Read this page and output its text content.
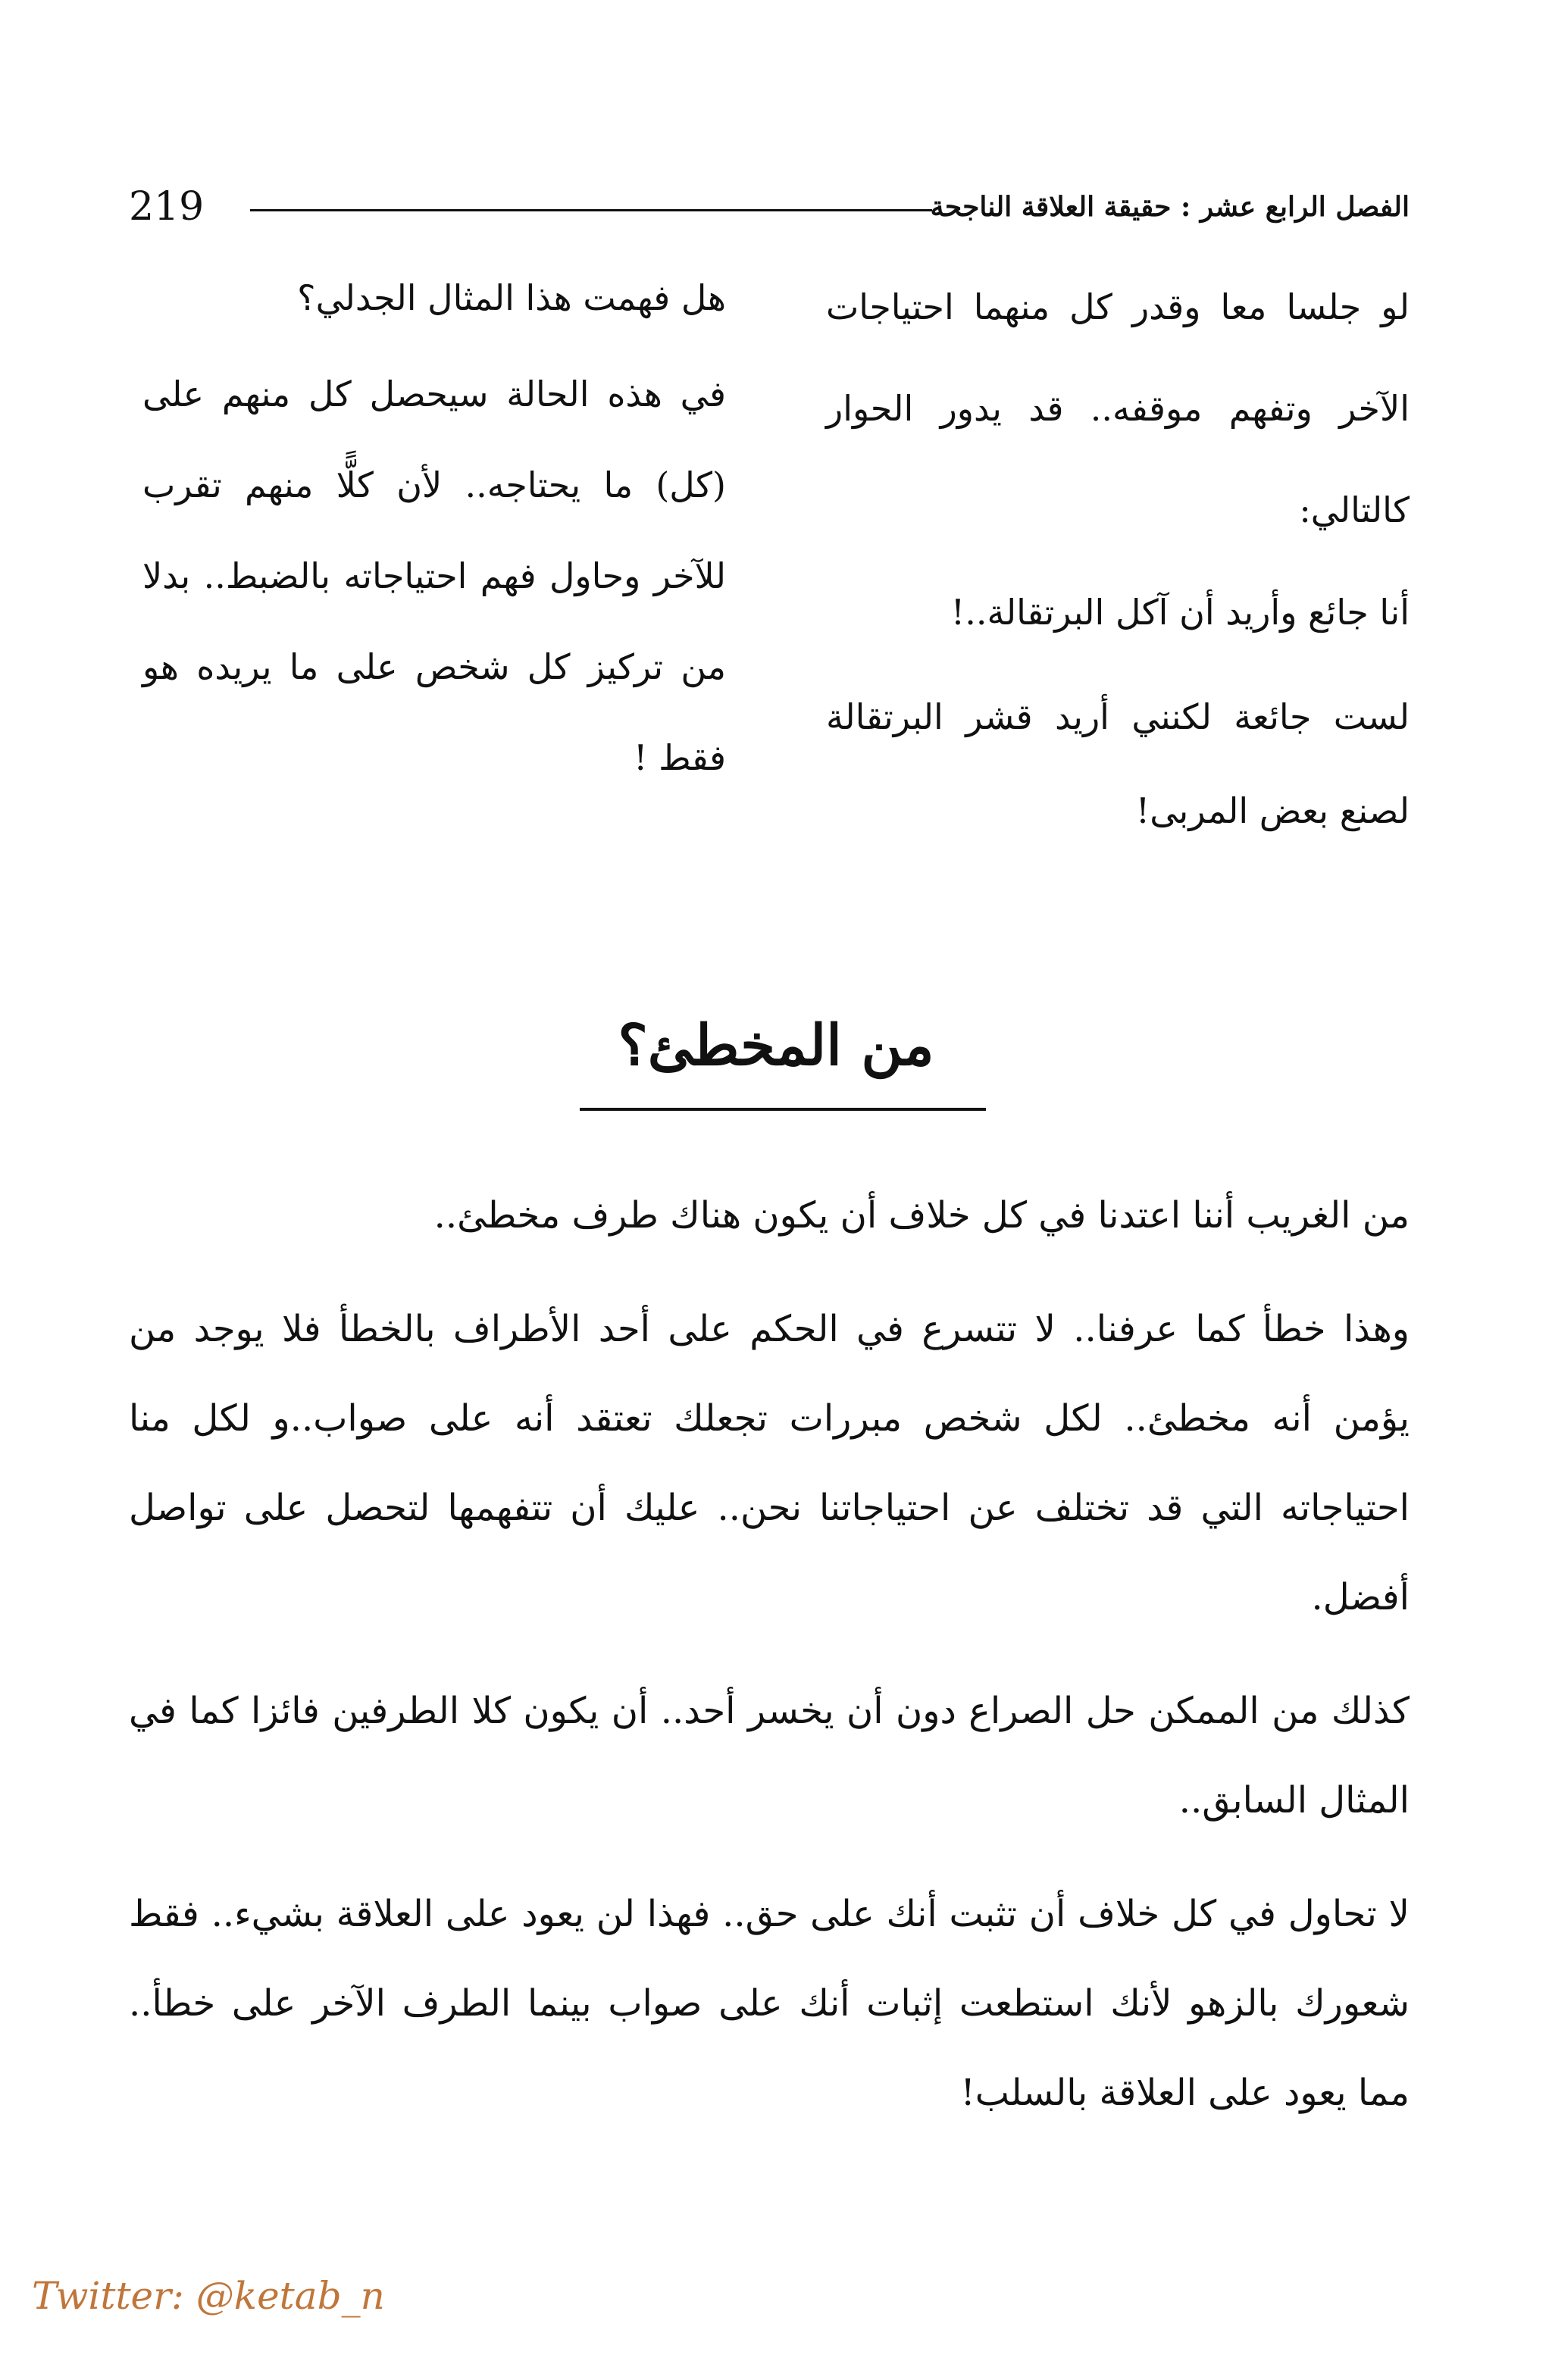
219	الفصل الرابع عشر : حقيقة العلاقة الناجحة

لو جلسا معا وقدر كل منهما احتياجات الآخر وتفهم موقفه.. قد يدور الحوار كالتالي:

أنا جائع وأريد أن آكل البرتقالة..!

لست جائعة لكنني أريد قشر البرتقالة لصنع بعض المربى!

هل فهمت هذا المثال الجدلي؟

في هذه الحالة سيحصل كل منهم على (كل) ما يحتاجه.. لأن كلًّا منهم تقرب للآخر وحاول فهم احتياجاته بالضبط.. بدلا من تركيز كل شخص على ما يريده هو فقط !

من المخطئ؟

من الغريب أننا اعتدنا في كل خلاف أن يكون هناك طرف مخطئ..

وهذا خطأ كما عرفنا.. لا تتسرع في الحكم على أحد الأطراف بالخطأ فلا يوجد من يؤمن أنه مخطئ.. لكل شخص مبررات تجعلك تعتقد أنه على صواب..و لكل منا احتياجاته التي قد تختلف عن احتياجاتنا نحن.. عليك أن تتفهمها لتحصل على تواصل أفضل.

كذلك من الممكن حل الصراع دون أن يخسر أحد.. أن يكون كلا الطرفين فائزا كما في المثال السابق..

لا تحاول في كل خلاف أن تثبت أنك على حق.. فهذا لن يعود على العلاقة بشيء.. فقط شعورك بالزهو لأنك استطعت إثبات أنك على صواب بينما الطرف الآخر على خطأ.. مما يعود على العلاقة بالسلب!

Twitter: @ketab_n
